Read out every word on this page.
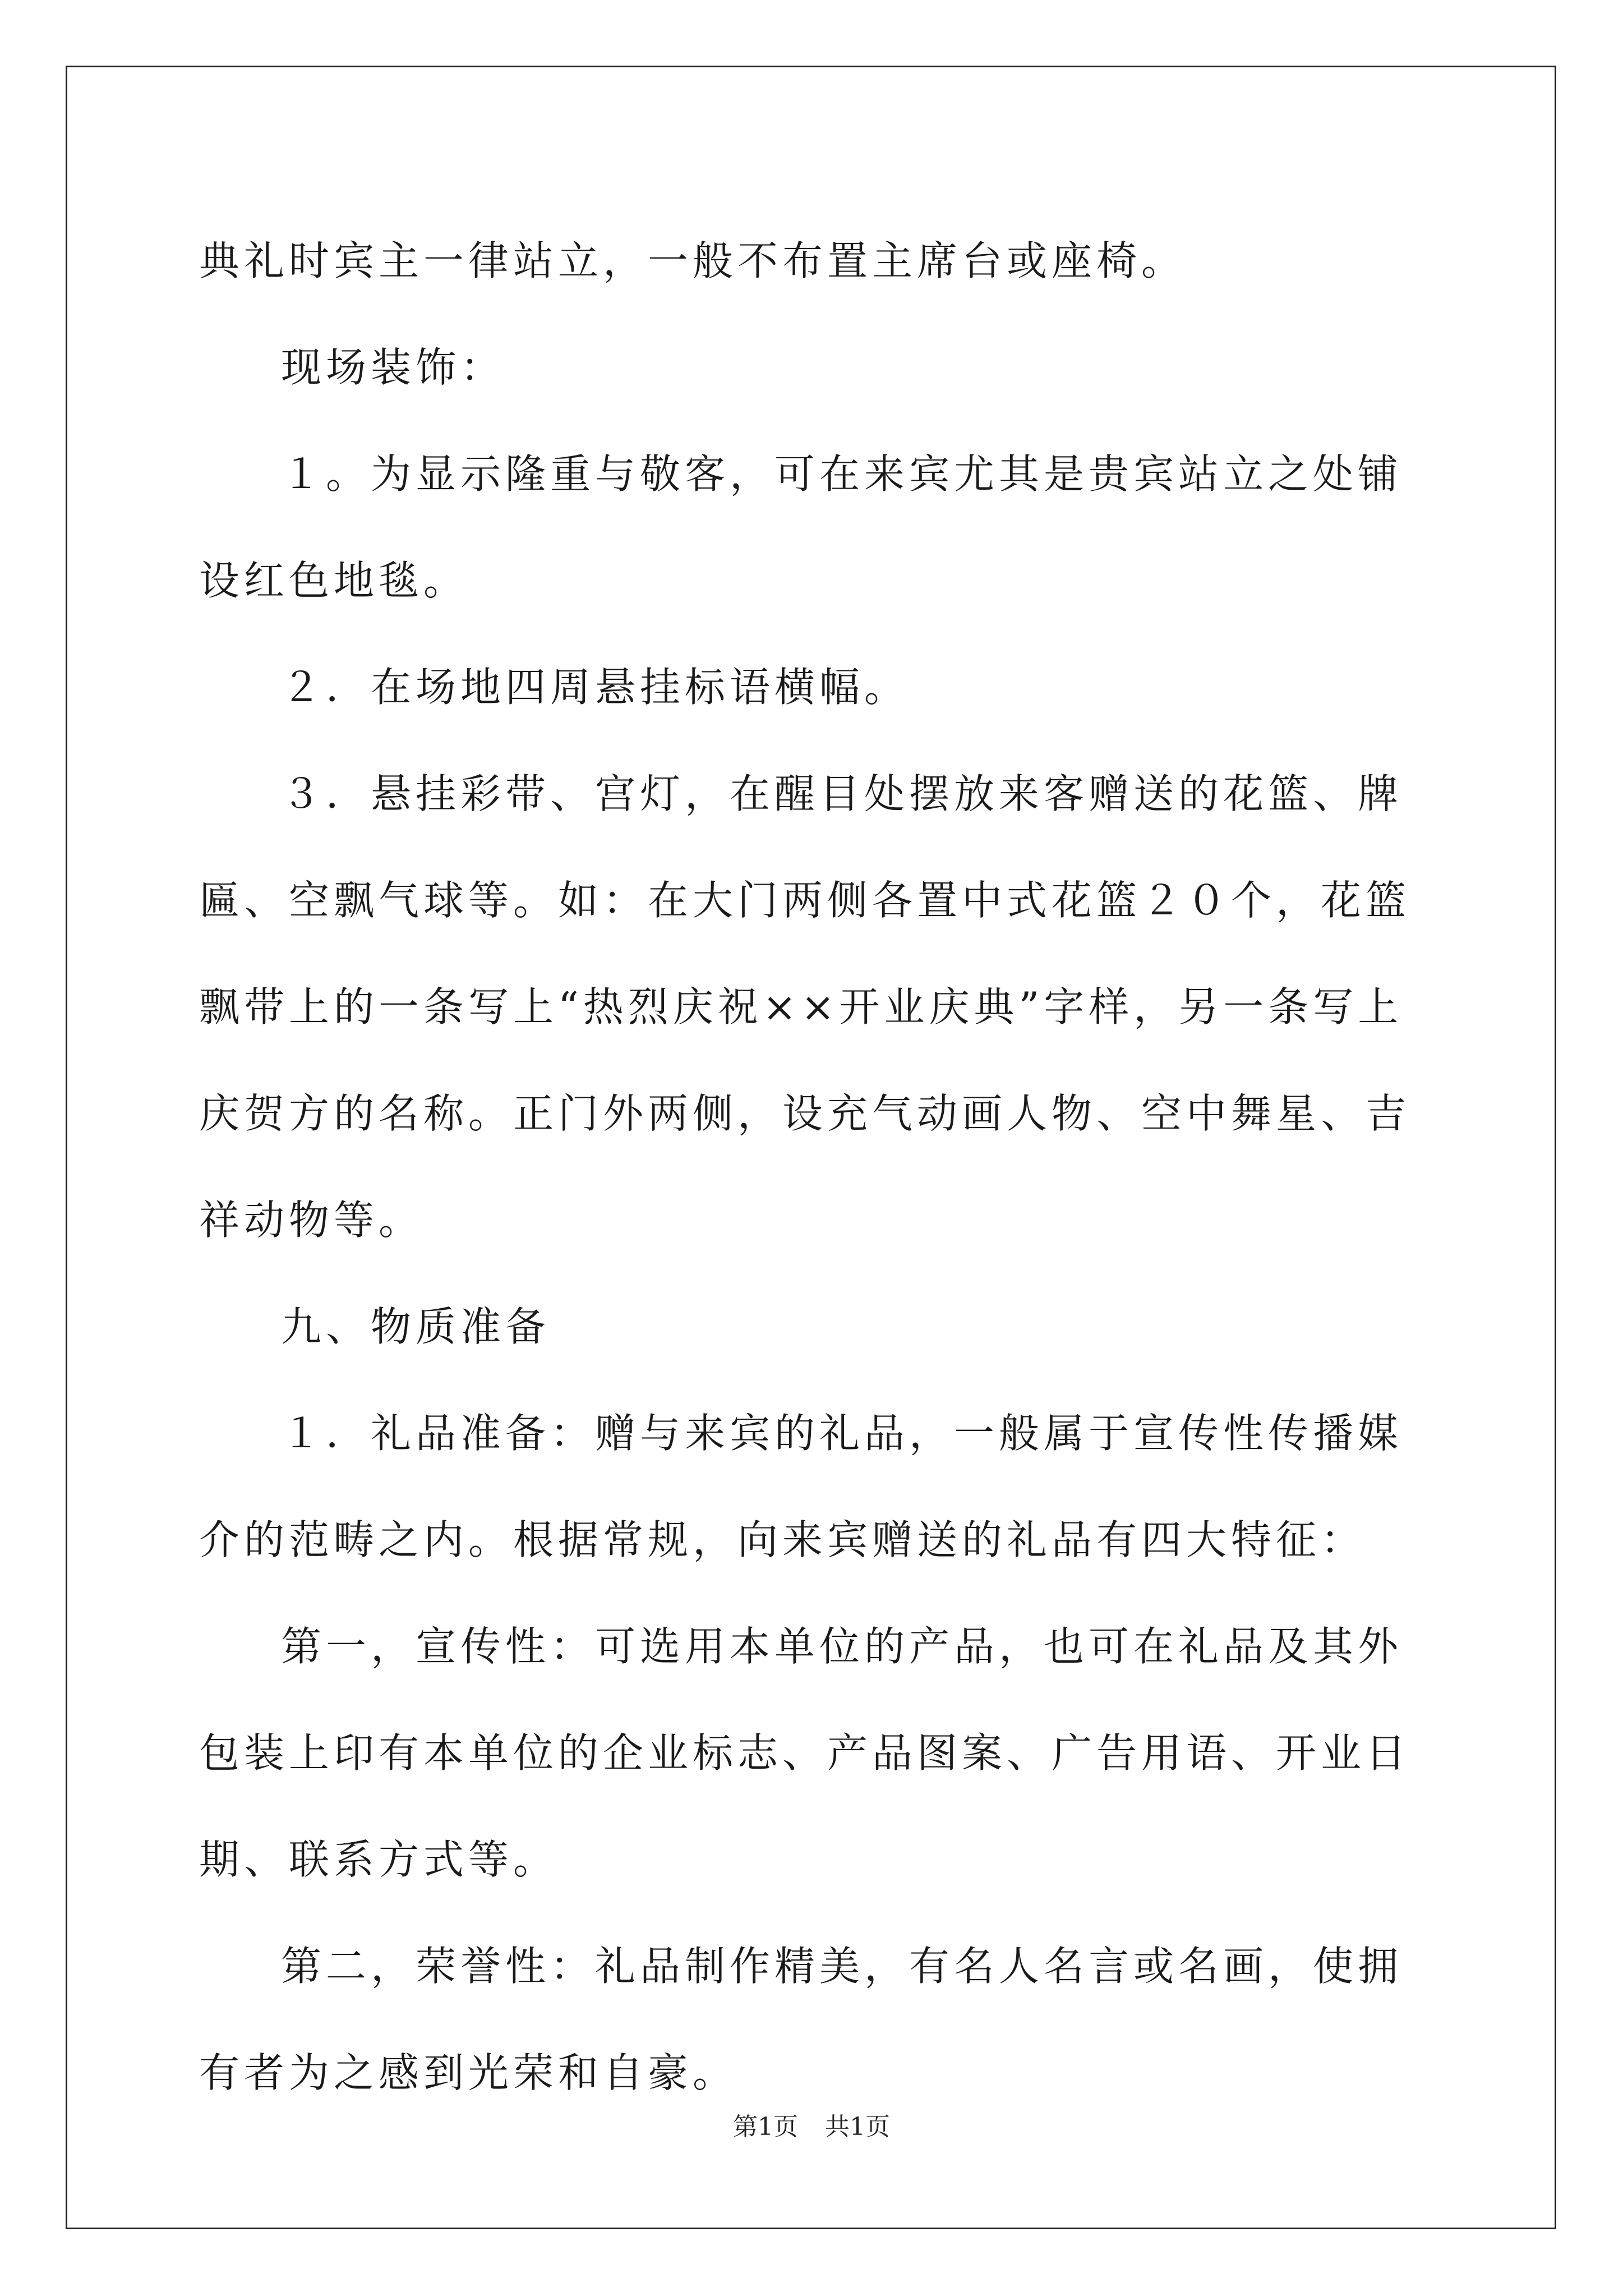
典礼时宾主一律站立，一般不布置主席台或座椅。

现场装饰：

１。为显示隆重与敬客，可在来宾尤其是贵宾站立之处铺设红色地毯。

２．在场地四周悬挂标语横幅。

３．悬挂彩带、宫灯，在醒目处摆放来客赠送的花篮、牌匾、空飘气球等。如：在大门两侧各置中式花篮２０个，花篮飘带上的一条写上“热烈庆祝××开业庆典”字样，另一条写上庆贺方的名称。正门外两侧，设充气动画人物、空中舞星、吉祥动物等。

九、物质准备

１．礼品准备：赠与来宾的礼品，一般属于宣传性传播媒介的范畴之内。根据常规，向来宾赠送的礼品有四大特征：

第一，宣传性：可选用本单位的产品，也可在礼品及其外包装上印有本单位的企业标志、产品图案、广告用语、开业日期、联系方式等。

第二，荣誉性：礼品制作精美，有名人名言或名画，使拥有者为之感到光荣和自豪。

第1页 共1页
